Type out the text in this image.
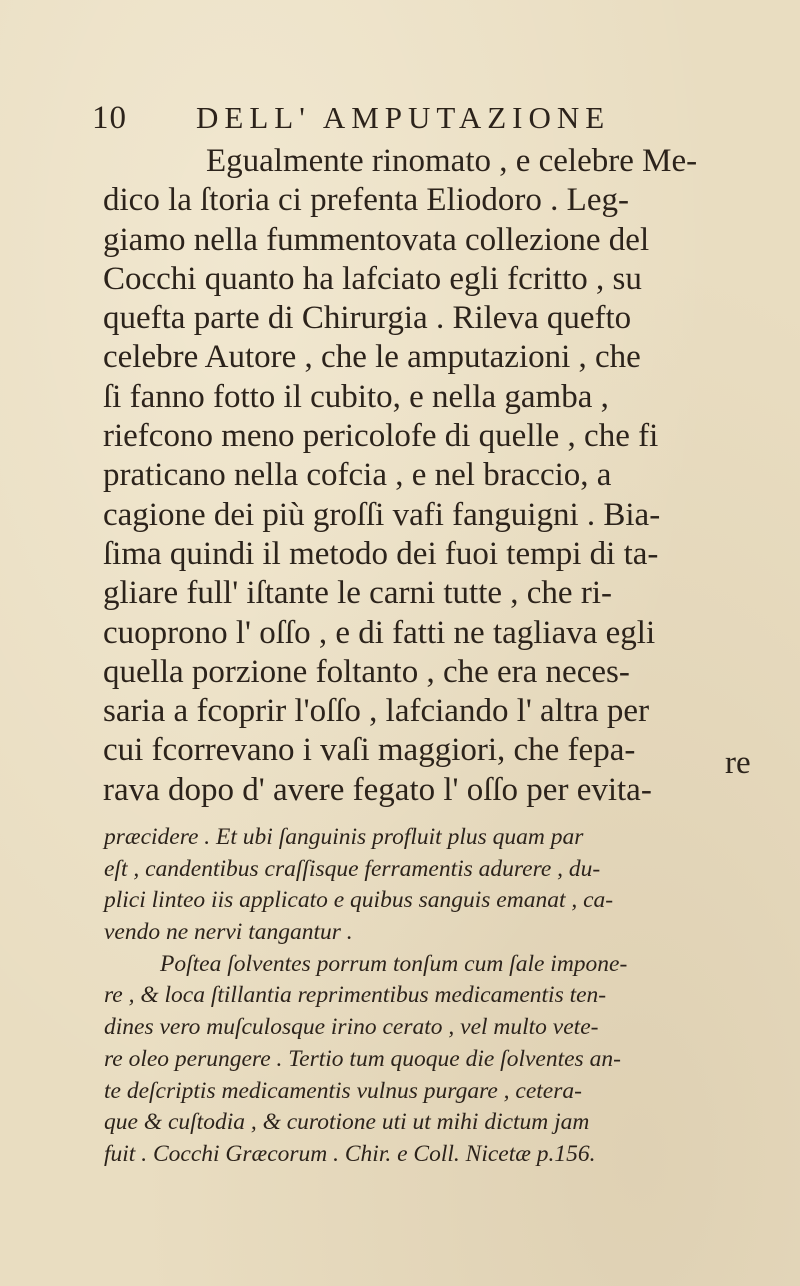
10 DELL' AMPUTAZIONE
Egualmente rinomato , e celebre Me-
dico la ſtoria ci prefenta Eliodoro . Leg-
giamo nella fummentovata collezione del
Cocchi quanto ha lafciato egli fcritto , su
quefta parte di Chirurgia . Rileva quefto
celebre Autore , che le amputazioni , che
ſi fanno fotto il cubito, e nella gamba ,
riefcono meno pericolofe di quelle , che fi
praticano nella cofcia , e nel braccio, a
cagione dei più groſſi vafi fanguigni . Bia-
ſima quindi il metodo dei fuoi tempi di ta-
gliare full' iſtante le carni tutte , che ri-
cuoprono l' oſſo , e di fatti ne tagliava egli
quella porzione foltanto , che era neces-
saria a fcoprir l'oſſo , lafciando l' altra per
cui fcorrevano i vaſi maggiori, che fepa-
rava dopo d' avere fegato l' oſſo per evita-
re
præcidere . Et ubi ſanguinis profluit plus quam par
eſt , candentibus craſſisque ferramentis adurere , du-
plici linteo iis applicato e quibus sanguis emanat , ca-
vendo ne nervi tangantur .
Poſtea ſolventes porrum tonſum cum ſale impone-
re , & loca ſtillantia reprimentibus medicamentis ten-
dines vero muſculosque irino cerato , vel multo vete-
re oleo perungere . Tertio tum quoque die ſolventes an-
te deſcriptis medicamentis vulnus purgare , cetera-
que & cuſtodia , & curotione uti ut mihi dictum jam
fuit . Cocchi Græcorum . Chir. e Coll. Nicetæ p.156.
